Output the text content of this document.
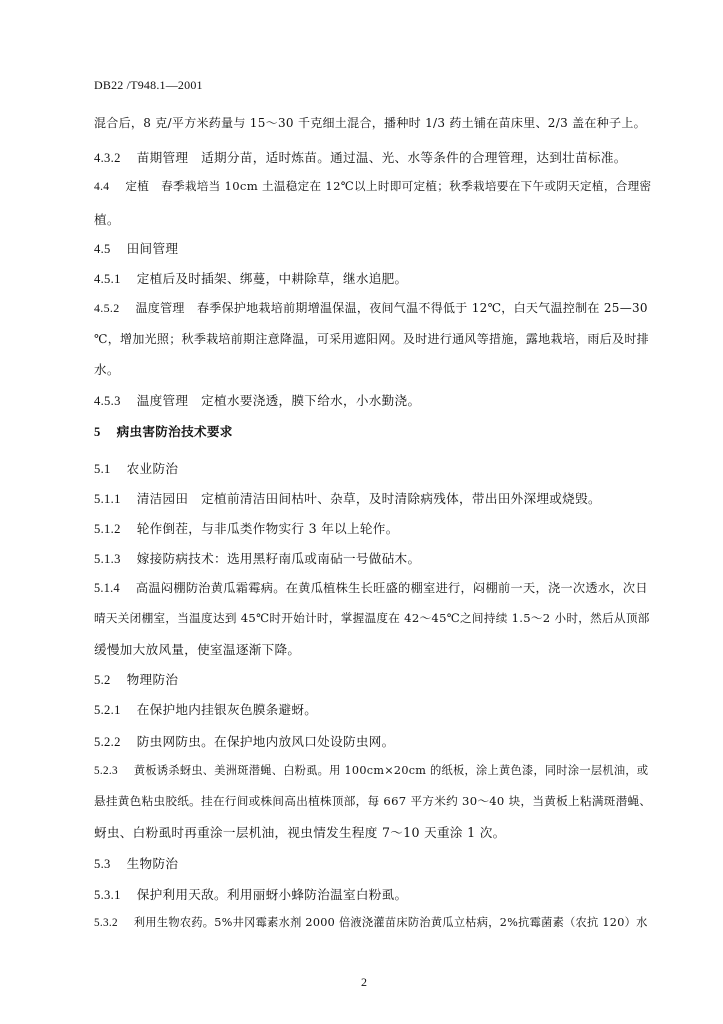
DB22 /T948.1—2001
混合后，8 克/平方米药量与 15～30 千克细土混合，播种时 1/3 药土铺在苗床里、2/3 盖在种子上。
4.3.2 苗期管理　适期分苗，适时炼苗。通过温、光、水等条件的合理管理，达到壮苗标准。
4.4 定植　春季栽培当 10cm 土温稳定在 12℃以上时即可定植；秋季栽培要在下午或阴天定植，合理密
植。
4.5 田间管理
4.5.1 定植后及时插架、绑蔓，中耕除草，继水追肥。
4.5.2 温度管理　春季保护地栽培前期增温保温，夜间气温不得低于 12℃，白天气温控制在 25—30
℃，增加光照；秋季栽培前期注意降温，可采用遮阳网。及时进行通风等措施，露地栽培，雨后及时排
水。
4.5.3 温度管理　定植水要浇透，膜下给水，小水勤浇。
5 病虫害防治技术要求
5.1 农业防治
5.1.1 清洁园田　定植前清洁田间枯叶、杂草，及时清除病残体，带出田外深埋或烧毁。
5.1.2 轮作倒茬，与非瓜类作物实行 3 年以上轮作。
5.1.3 嫁接防病技术：选用黑籽南瓜或南砧一号做砧木。
5.1.4 高温闷棚防治黄瓜霜霉病。在黄瓜植株生长旺盛的棚室进行，闷棚前一天，浇一次透水，次日
晴天关闭棚室，当温度达到 45℃时开始计时，掌握温度在 42～45℃之间持续 1.5～2 小时，然后从顶部
缓慢加大放风量，使室温逐渐下降。
5.2 物理防治
5.2.1 在保护地内挂银灰色膜条避蚜。
5.2.2 防虫网防虫。在保护地内放风口处设防虫网。
5.2.3 黄板诱杀蚜虫、美洲斑潜蝇、白粉虱。用 100cm×20cm 的纸板，涂上黄色漆，同时涂一层机油，或
悬挂黄色粘虫胶纸。挂在行间或株间高出植株顶部，每 667 平方米约 30～40 块，当黄板上粘满斑潜蝇、
蚜虫、白粉虱时再重涂一层机油，视虫情发生程度 7～10 天重涂 1 次。
5.3 生物防治
5.3.1 保护利用天敌。利用丽蚜小蜂防治温室白粉虱。
5.3.2 利用生物农药。5%井冈霉素水剂 2000 倍液浇灌苗床防治黄瓜立枯病，2%抗霉菌素（农抗 120）水
2
